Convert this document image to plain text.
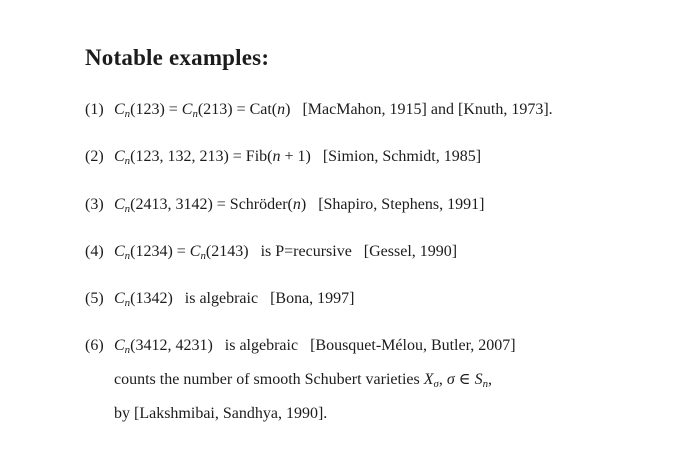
Notable examples:
(1) Cn(123) = Cn(213) = Cat(n) [MacMahon, 1915] and [Knuth, 1973].
(2) Cn(123, 132, 213) = Fib(n + 1) [Simion, Schmidt, 1985]
(3) Cn(2413, 3142) = Schröder(n) [Shapiro, Stephens, 1991]
(4) Cn(1234) = Cn(2143) is P=recursive [Gessel, 1990]
(5) Cn(1342) is algebraic [Bona, 1997]
(6) Cn(3412, 4231) is algebraic [Bousquet-Mélou, Butler, 2007]
counts the number of smooth Schubert varieties Xσ, σ ∈ Sn,
by [Lakshmibai, Sandhya, 1990].
